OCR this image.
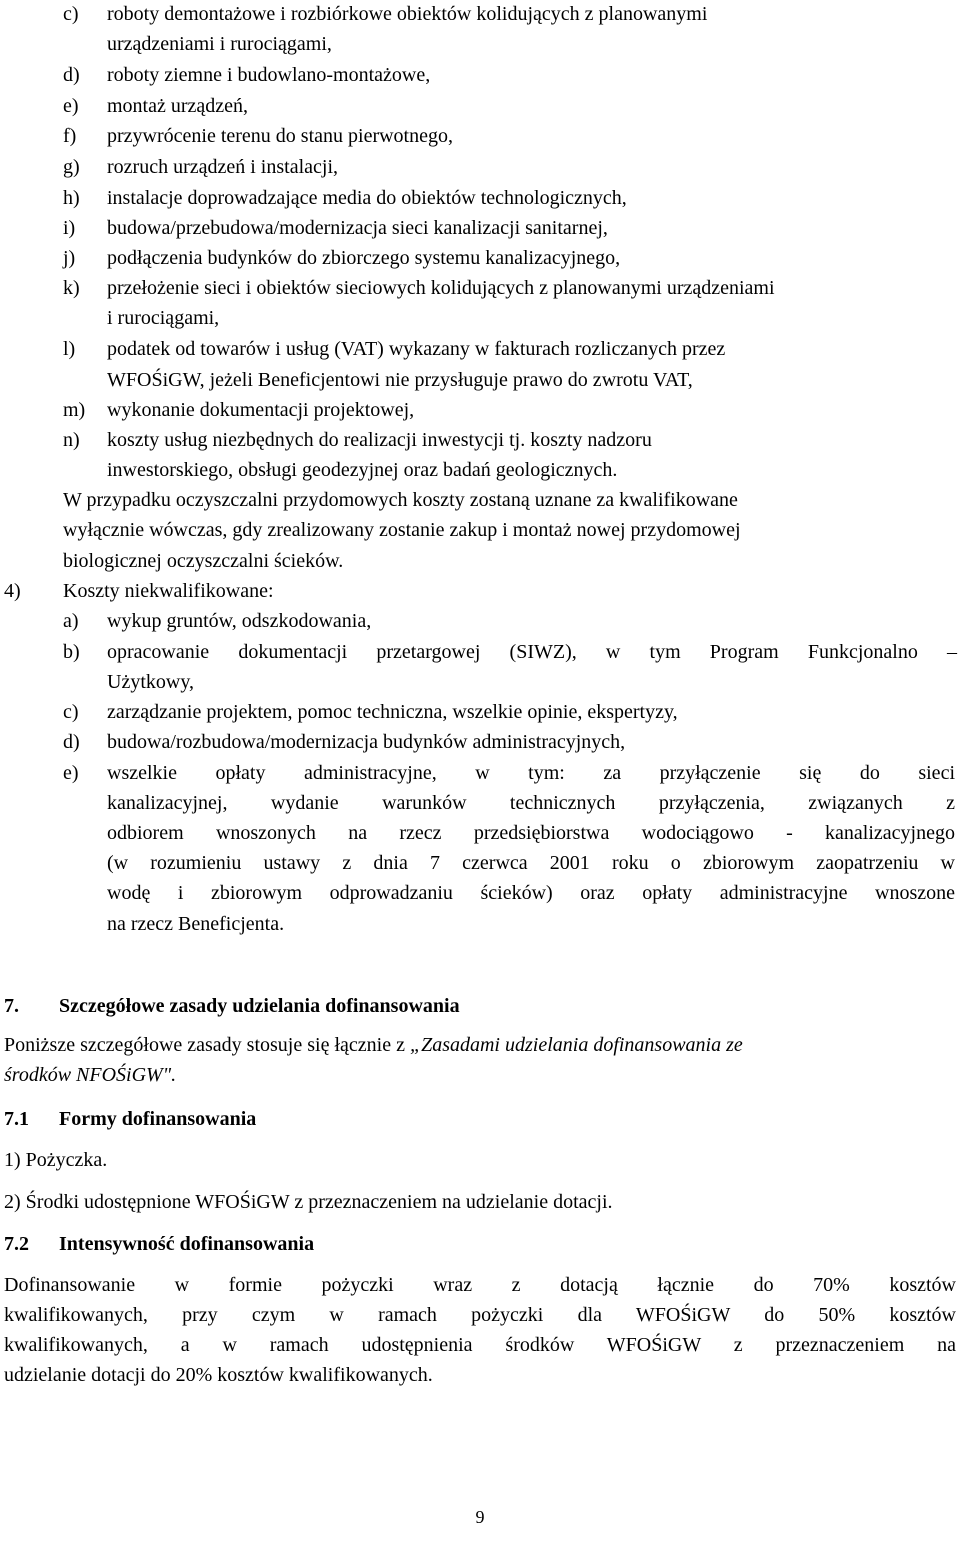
c)	roboty demontażowe i rozbiórkowe obiektów kolidujących z planowanymi
urządzeniami i rurociągami,
d)	roboty ziemne i budowlano-montażowe,
e)	montaż urządzeń,
f)	przywrócenie terenu do stanu pierwotnego,
g)	rozruch urządzeń i instalacji,
h)	instalacje doprowadzające media do obiektów technologicznych,
i)	budowa/przebudowa/modernizacja sieci kanalizacji sanitarnej,
j)	podłączenia budynków do zbiorczego systemu kanalizacyjnego,
k)	przełożenie sieci i obiektów sieciowych kolidujących z planowanymi urządzeniami
i rurociągami,
l)	podatek od towarów i usług (VAT) wykazany w fakturach rozliczanych przez
WFOŚiGW, jeżeli Beneficjentowi nie przysługuje prawo do zwrotu VAT,
m)	wykonanie dokumentacji projektowej,
n)	koszty usług niezbędnych do realizacji inwestycji tj. koszty nadzoru
inwestorskiego, obsługi geodezyjnej oraz badań geologicznych.
W przypadku oczyszczalni przydomowych koszty zostaną uznane za kwalifikowane
wyłącznie wówczas, gdy zrealizowany zostanie zakup i montaż nowej przydomowej
biologicznej oczyszczalni ścieków.
4) Koszty niekwalifikowane:
a)	wykup gruntów, odszkodowania,
b)	opracowanie dokumentacji przetargowej (SIWZ), w tym Program Funkcjonalno –
Użytkowy,
c)	zarządzanie projektem, pomoc techniczna, wszelkie opinie, ekspertyzy,
d)	budowa/rozbudowa/modernizacja budynków administracyjnych,
e)	wszelkie opłaty administracyjne, w tym: za przyłączenie się do sieci
kanalizacyjnej, wydanie warunków technicznych przyłączenia, związanych z
odbiorem wnoszonych na rzecz przedsiębiorstwa wodociągowo - kanalizacyjnego
(w rozumieniu ustawy z dnia 7 czerwca 2001 roku o zbiorowym zaopatrzeniu w
wodę i zbiorowym odprowadzaniu ścieków) oraz opłaty administracyjne wnoszone
na rzecz Beneficjenta.
7. Szczegółowe zasady udzielania dofinansowania
Poniższe szczegółowe zasady stosuje się łącznie z „Zasadami udzielania dofinansowania ze
środków NFOŚiGW".
7.1 Formy dofinansowania
1) Pożyczka.
2) Środki udostępnione WFOŚiGW z przeznaczeniem na udzielanie dotacji.
7.2 Intensywność dofinansowania
Dofinansowanie w formie pożyczki wraz z dotacją łącznie do 70% kosztów
kwalifikowanych, przy czym w ramach pożyczki dla WFOŚiGW do 50% kosztów
kwalifikowanych, a w ramach udostępnienia środków WFOŚiGW z przeznaczeniem na
udzielanie dotacji do 20% kosztów kwalifikowanych.
9
